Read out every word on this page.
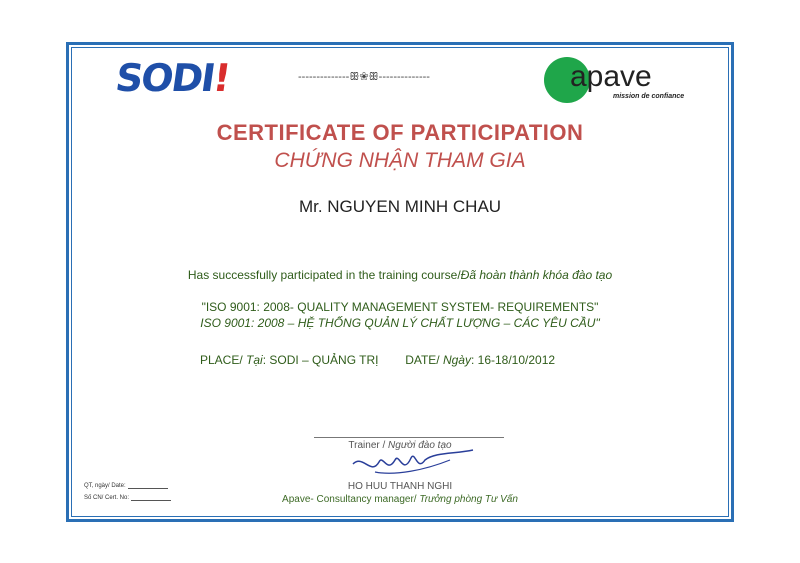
SODI!	--------------ꕥ❀ꕥ--------------	apave
mission de confiance
CERTIFICATE OF PARTICIPATION
CHỨNG NHẬN THAM GIA
Mr. NGUYEN MINH CHAU
Has successfully participated in the training course/Đã hoàn thành khóa đào tạo
"ISO 9001: 2008- QUALITY MANAGEMENT SYSTEM- REQUIREMENTS"
ISO 9001: 2008 – HỆ THỐNG QUẢN LÝ CHẤT LƯỢNG – CÁC YÊU CẦU"
PLACE/ Tại: SODI – QUẢNG TRỊ DATE/ Ngày: 16-18/10/2012
Trainer / Người đào tạo
HO HUU THANH NGHI
Apave- Consultancy manager/ Trưởng phòng Tư Vấn
QT, ngày/ Date:
Số CN/ Cert. No:
